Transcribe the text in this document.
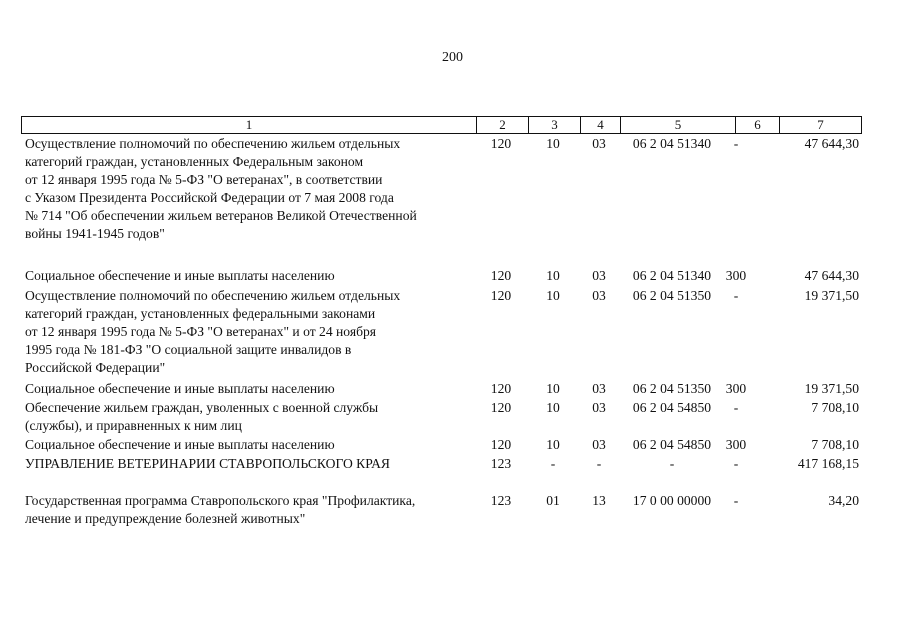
200
1	2	3	4	5	6	7
Осуществление полномочий по обеспечению жильем отдельных
категорий граждан, установленных Федеральным законом
от 12 января 1995 года № 5-ФЗ "О ветеранах", в соответствии
с Указом Президента Российской Федерации от 7 мая 2008 года
№ 714 "Об обеспечении жильем ветеранов Великой Отечественной
войны 1941-1945 годов"
120	10	03	06 2 04 51340	-	47 644,30
Социальное обеспечение и иные выплаты населению	120	10	03	06 2 04 51340	300	47 644,30
Осуществление полномочий по обеспечению жильем отдельных
категорий граждан, установленных федеральными законами
от 12 января 1995 года № 5-ФЗ "О ветеранах" и от 24 ноября
1995 года № 181-ФЗ "О социальной защите инвалидов в
Российской Федерации"
120	10	03	06 2 04 51350	-	19 371,50
Социальное обеспечение и иные выплаты населению	120	10	03	06 2 04 51350	300	19 371,50
Обеспечение жильем граждан, уволенных с военной службы
(службы), и приравненных к ним лиц
120	10	03	06 2 04 54850	-	7 708,10
Социальное обеспечение и иные выплаты населению	120	10	03	06 2 04 54850	300	7 708,10
УПРАВЛЕНИЕ ВЕТЕРИНАРИИ СТАВРОПОЛЬСКОГО КРАЯ	123	-	-	-	-	417 168,15
Государственная программа Ставропольского края "Профилактика,
лечение и предупреждение болезней животных"
123	01	13	17 0 00 00000	-	34,20
